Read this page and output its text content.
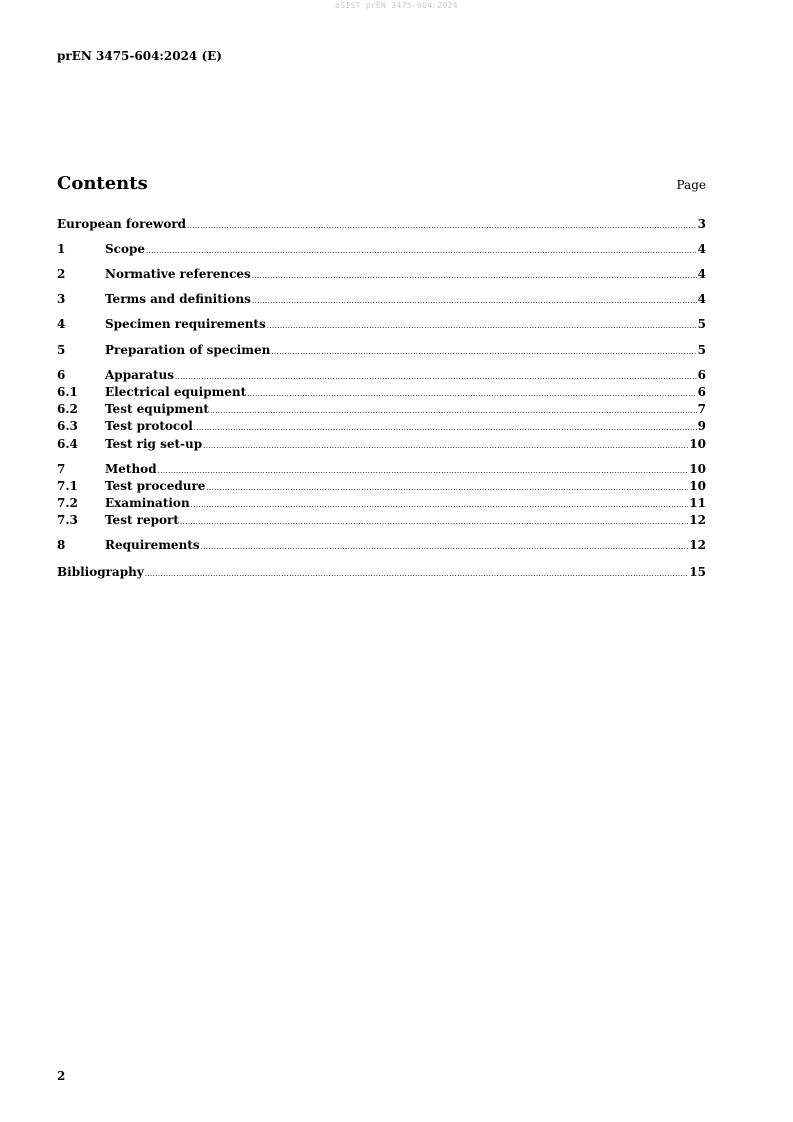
oSIST prEN 3475-604:2024
prEN 3475-604:2024 (E)
Contents	Page
European foreword .....	3
1	Scope .....	4
2	Normative references .....	4
3	Terms and definitions .....	4
4	Specimen requirements .....	5
5	Preparation of specimen .....	5
6	Apparatus .....	6
6.1	Electrical equipment .....	6
6.2	Test equipment .....	7
6.3	Test protocol .....	9
6.4	Test rig set-up .....	10
7	Method .....	10
7.1	Test procedure .....	10
7.2	Examination .....	11
7.3	Test report .....	12
8	Requirements .....	12
Bibliography .....	15
2
